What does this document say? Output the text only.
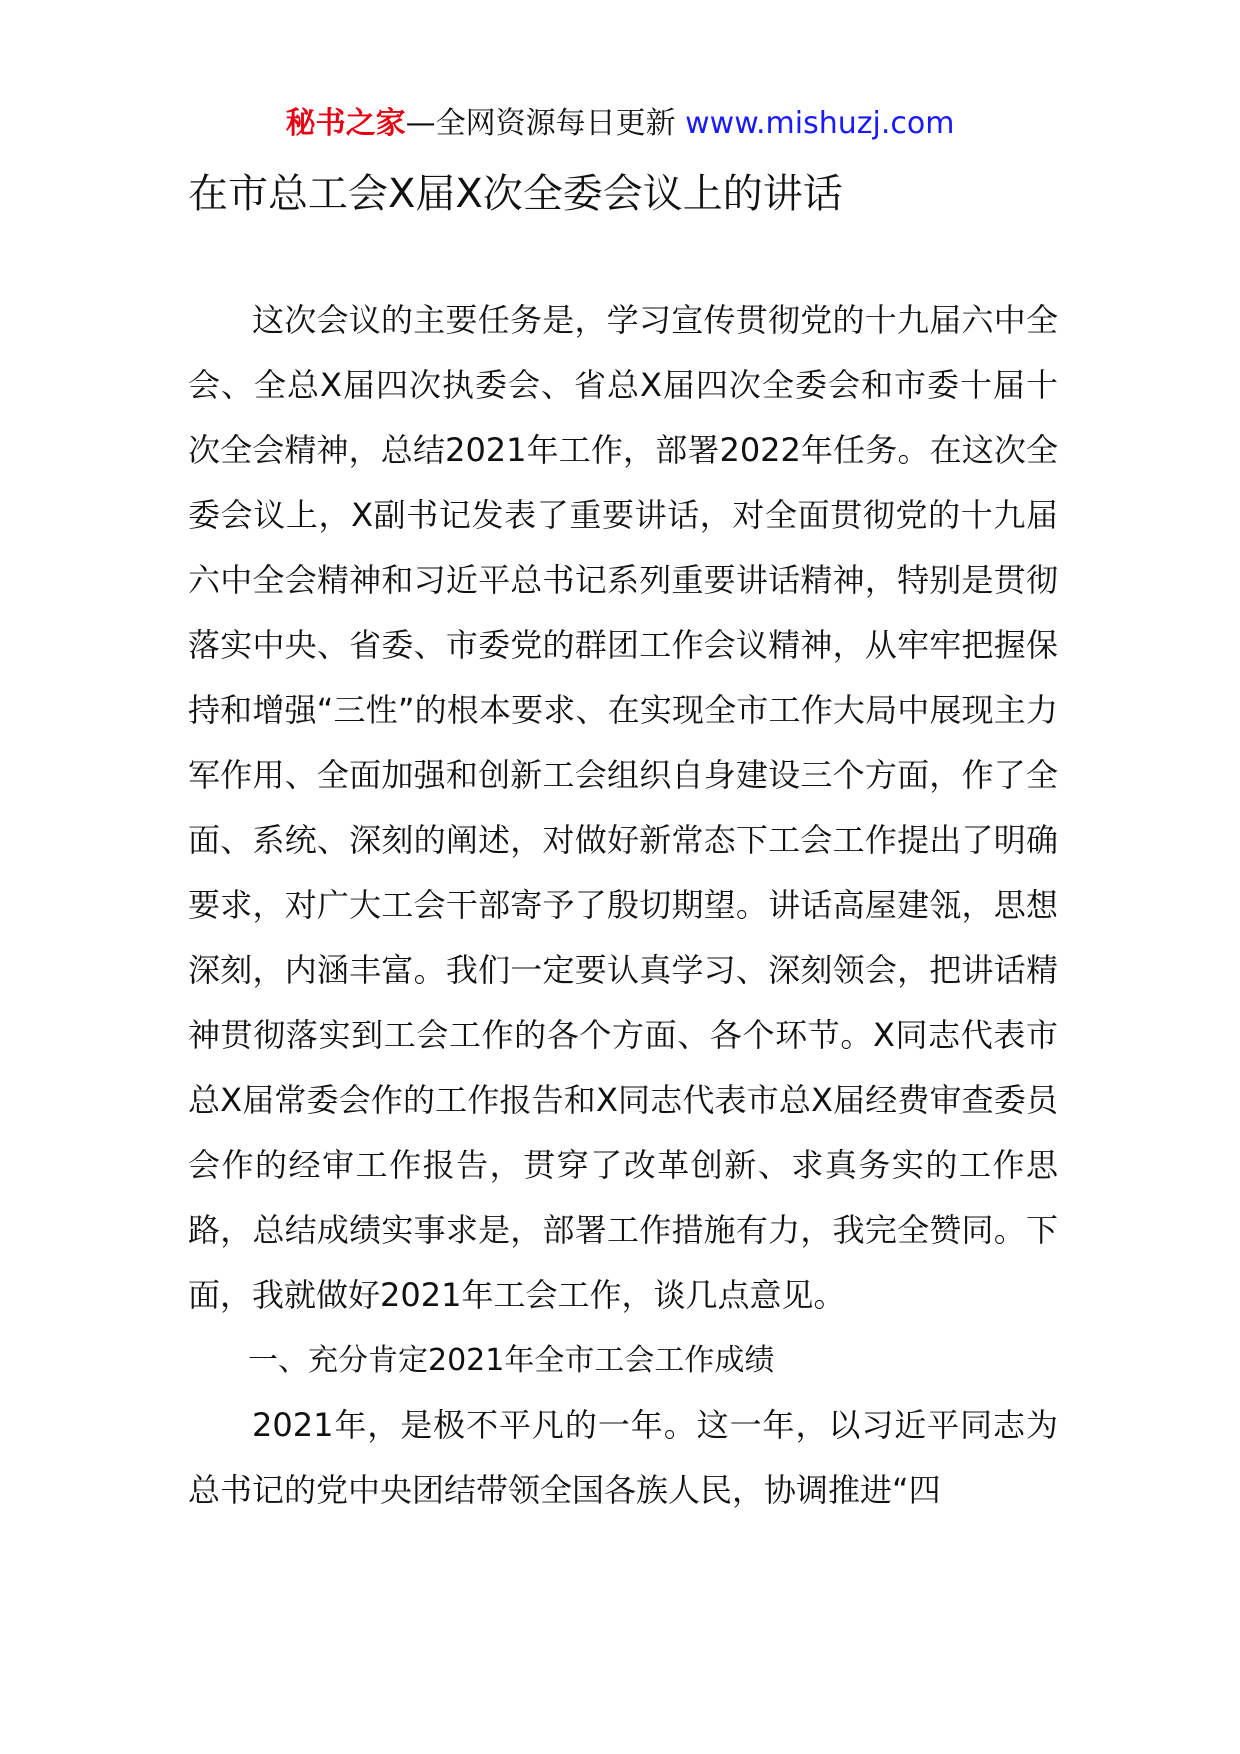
秘书之家—全网资源每日更新 www.mishuzj.com
在市总工会Ⅹ届Ⅹ次全委会议上的讲话

这次会议的主要任务是，学习宣传贯彻党的十九届六中全会、全总Ⅹ届四次执委会、省总Ⅹ届四次全委会和市委十届十次全会精神，总结2021年工作，部署2022年任务。在这次全委会议上，X副书记发表了重要讲话，对全面贯彻党的十九届六中全会精神和习近平总书记系列重要讲话精神，特别是贯彻落实中央、省委、市委党的群团工作会议精神，从牢牢把握保持和增强“三性”的根本要求、在实现全市工作大局中展现主力军作用、全面加强和创新工会组织自身建设三个方面，作了全面、系统、深刻的阐述，对做好新常态下工会工作提出了明确要求，对广大工会干部寄予了殷切期望。讲话高屋建瓴，思想深刻，内涵丰富。我们一定要认真学习、深刻领会，把讲话精神贯彻落实到工会工作的各个方面、各个环节。X同志代表市总Ⅹ届常委会作的工作报告和X同志代表市总Ⅹ届经费审查委员会作的经审工作报告，贯穿了改革创新、求真务实的工作思路，总结成绩实事求是，部署工作措施有力，我完全赞同。下面，我就做好2021年工会工作，谈几点意见。

一、充分肯定2021年全市工会工作成绩

2021年，是极不平凡的一年。这一年，以习近平同志为总书记的党中央团结带领全国各族人民，协调推进“四
